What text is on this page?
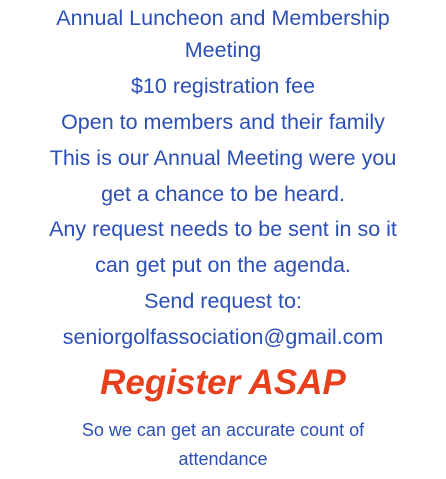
Annual Luncheon and Membership
Meeting
$10 registration fee
Open to members and their family
This is our Annual Meeting were you
get a chance to be heard.
Any request needs to be sent in so it
can get put on the agenda.
Send request to:
seniorgolfassociation@gmail.com
Register ASAP
So we can get an accurate count of
attendance
